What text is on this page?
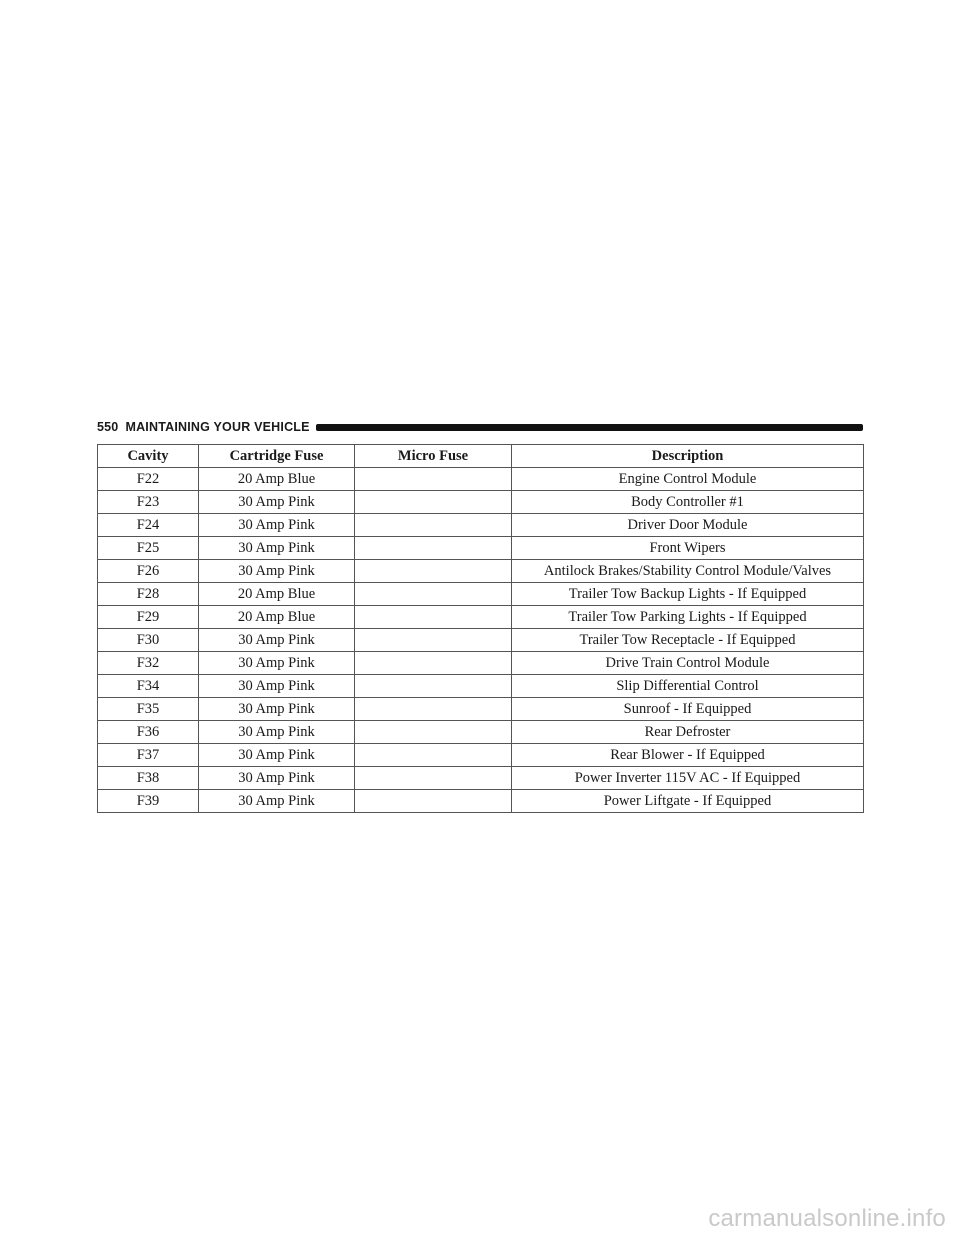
550 MAINTAINING YOUR VEHICLE
Cavity	Cartridge Fuse	Micro Fuse	Description
F22	20 Amp Blue		Engine Control Module
F23	30 Amp Pink		Body Controller #1
F24	30 Amp Pink		Driver Door Module
F25	30 Amp Pink		Front Wipers
F26	30 Amp Pink		Antilock Brakes/Stability Control Module/Valves
F28	20 Amp Blue		Trailer Tow Backup Lights - If Equipped
F29	20 Amp Blue		Trailer Tow Parking Lights - If Equipped
F30	30 Amp Pink		Trailer Tow Receptacle - If Equipped
F32	30 Amp Pink		Drive Train Control Module
F34	30 Amp Pink		Slip Differential Control
F35	30 Amp Pink		Sunroof - If Equipped
F36	30 Amp Pink		Rear Defroster
F37	30 Amp Pink		Rear Blower - If Equipped
F38	30 Amp Pink		Power Inverter 115V AC - If Equipped
F39	30 Amp Pink		Power Liftgate - If Equipped
carmanualsonline.info
